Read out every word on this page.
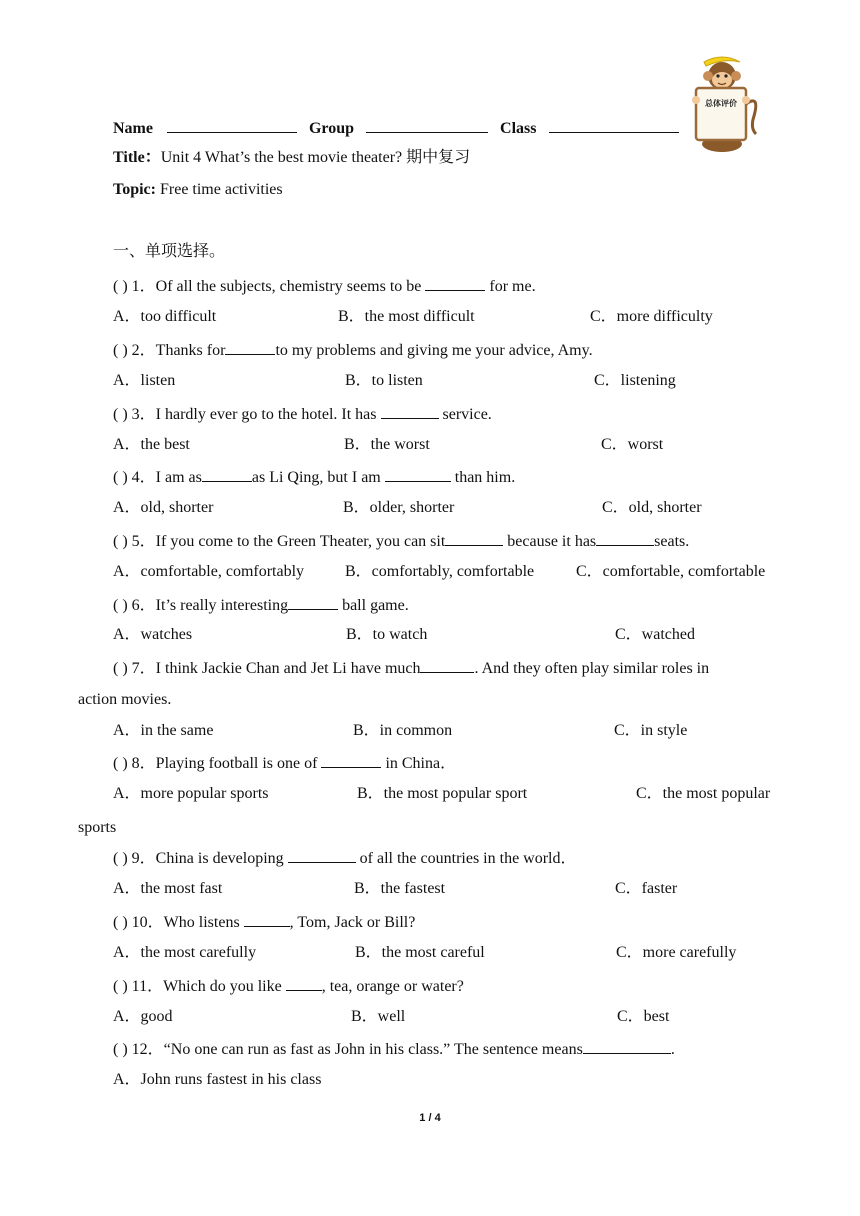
总体评价
Name	Group	Class
Title：Unit 4 What’s the best movie theater? 期中复习
Topic: Free time activities
一、单项选择。
( ) 1．Of all the subjects, chemistry seems to be	for me.
A．too difficult	B．the most difficult	C．more difficulty
( ) 2．Thanks for	to my problems and giving me your advice, Amy.
A．listen	B．to listen	C．listening
( ) 3．I hardly ever go to the hotel. It has	service.
A．the best	B．the worst	C．worst
( ) 4．I am as	as Li Qing, but I am	than him.
A．old, shorter	B．older, shorter	C．old, shorter
( ) 5．If you come to the Green Theater, you can sit	because it has	seats.
A．comfortable, comfortably	B．comfortably, comfortable	C．comfortable, comfortable
( ) 6．It’s really interesting	ball game.
A．watches	B．to watch	C．watched
( ) 7．I think Jackie Chan and Jet Li have much	. And they often play similar roles in
action movies.
A．in the same	B．in common	C．in style
( ) 8．Playing football is one of	in China．
A．more popular sports	B．the most popular sport	C．the most popular
sports
( ) 9．China is developing	of all the countries in the world．
A．the most fast	B．the fastest	C．faster
( ) 10．Who listens	, Tom, Jack or Bill?
A．the most carefully	B．the most careful	C．more carefully
( ) 11．Which do you like , tea, orange or water?
A．good	B．well	C．best
( ) 12．“No one can run as fast as John in his class.” The sentence means	.
A．John runs fastest in his class
1 / 4
